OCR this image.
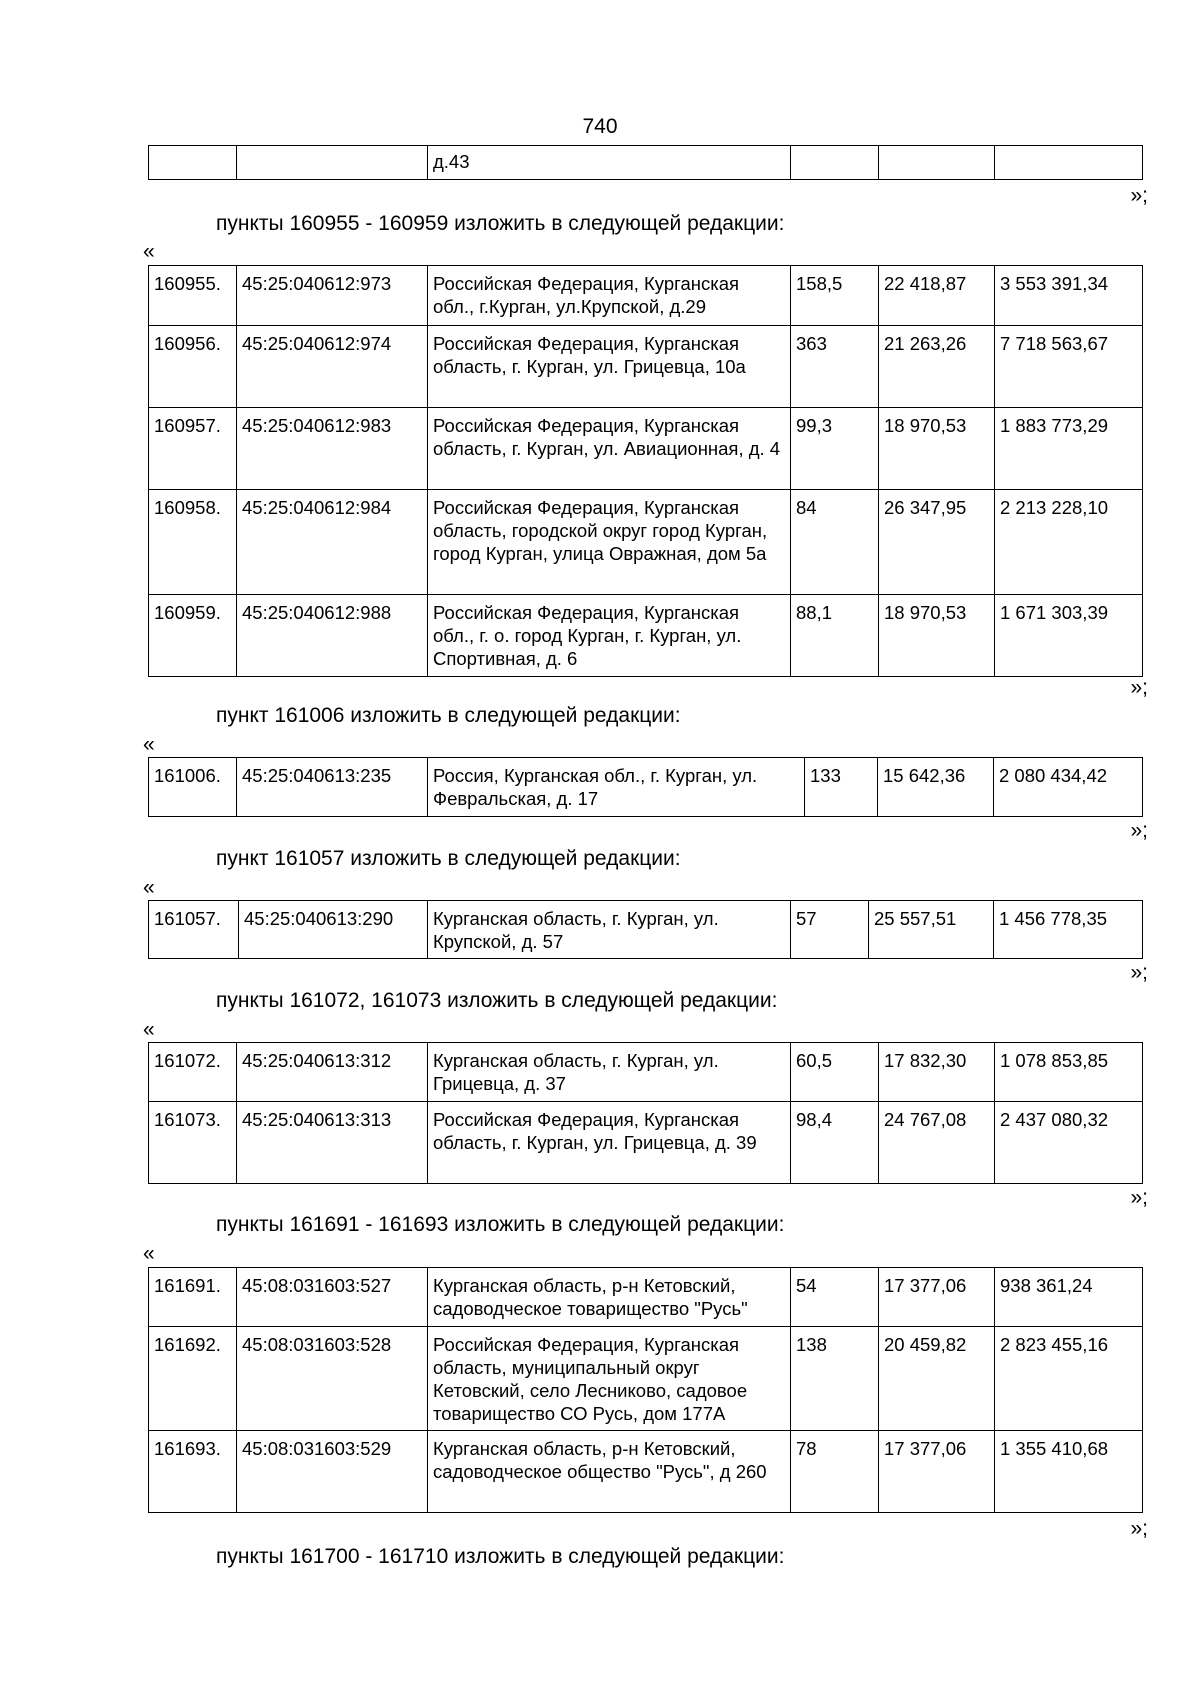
740
		д.43			
»;
пункты 160955 - 160959 изложить в следующей редакции:
«
160955.	45:25:040612:973	Российская Федерация, Курганская обл., г.Курган, ул.Крупской, д.29	158,5	22 418,87	3 553 391,34
160956.	45:25:040612:974	Российская Федерация, Курганская область, г. Курган, ул. Грицевца, 10а	363	21 263,26	7 718 563,67
160957.	45:25:040612:983	Российская Федерация, Курганская область, г. Курган, ул. Авиационная, д. 4	99,3	18 970,53	1 883 773,29
160958.	45:25:040612:984	Российская Федерация, Курганская область, городской округ город Курган, город Курган, улица Овражная, дом 5а	84	26 347,95	2 213 228,10
160959.	45:25:040612:988	Российская Федерация, Курганская обл., г. о. город Курган, г. Курган, ул. Спортивная, д. 6	88,1	18 970,53	1 671 303,39
»;
пункт 161006 изложить в следующей редакции:
«
161006.	45:25:040613:235	Россия, Курганская обл., г. Курган, ул. Февральская, д. 17	133	15 642,36	2 080 434,42
»;
пункт 161057 изложить в следующей редакции:
«
161057.	45:25:040613:290	Курганская область, г. Курган, ул. Крупской, д. 57	57	25 557,51	1 456 778,35
»;
пункты 161072, 161073 изложить в следующей редакции:
«
161072.	45:25:040613:312	Курганская область, г. Курган, ул. Грицевца, д. 37	60,5	17 832,30	1 078 853,85
161073.	45:25:040613:313	Российская Федерация, Курганская область, г. Курган, ул. Грицевца, д. 39	98,4	24 767,08	2 437 080,32
»;
пункты 161691 - 161693 изложить в следующей редакции:
«
161691.	45:08:031603:527	Курганская область, р-н Кетовский, садоводческое товарищество "Русь"	54	17 377,06	938 361,24
161692.	45:08:031603:528	Российская Федерация, Курганская область, муниципальный округ Кетовский, село Лесниково, садовое товарищество СО Русь, дом 177А	138	20 459,82	2 823 455,16
161693.	45:08:031603:529	Курганская область, р-н Кетовский, садоводческое общество "Русь", д 260	78	17 377,06	1 355 410,68
»;
пункты 161700 - 161710 изложить в следующей редакции:
